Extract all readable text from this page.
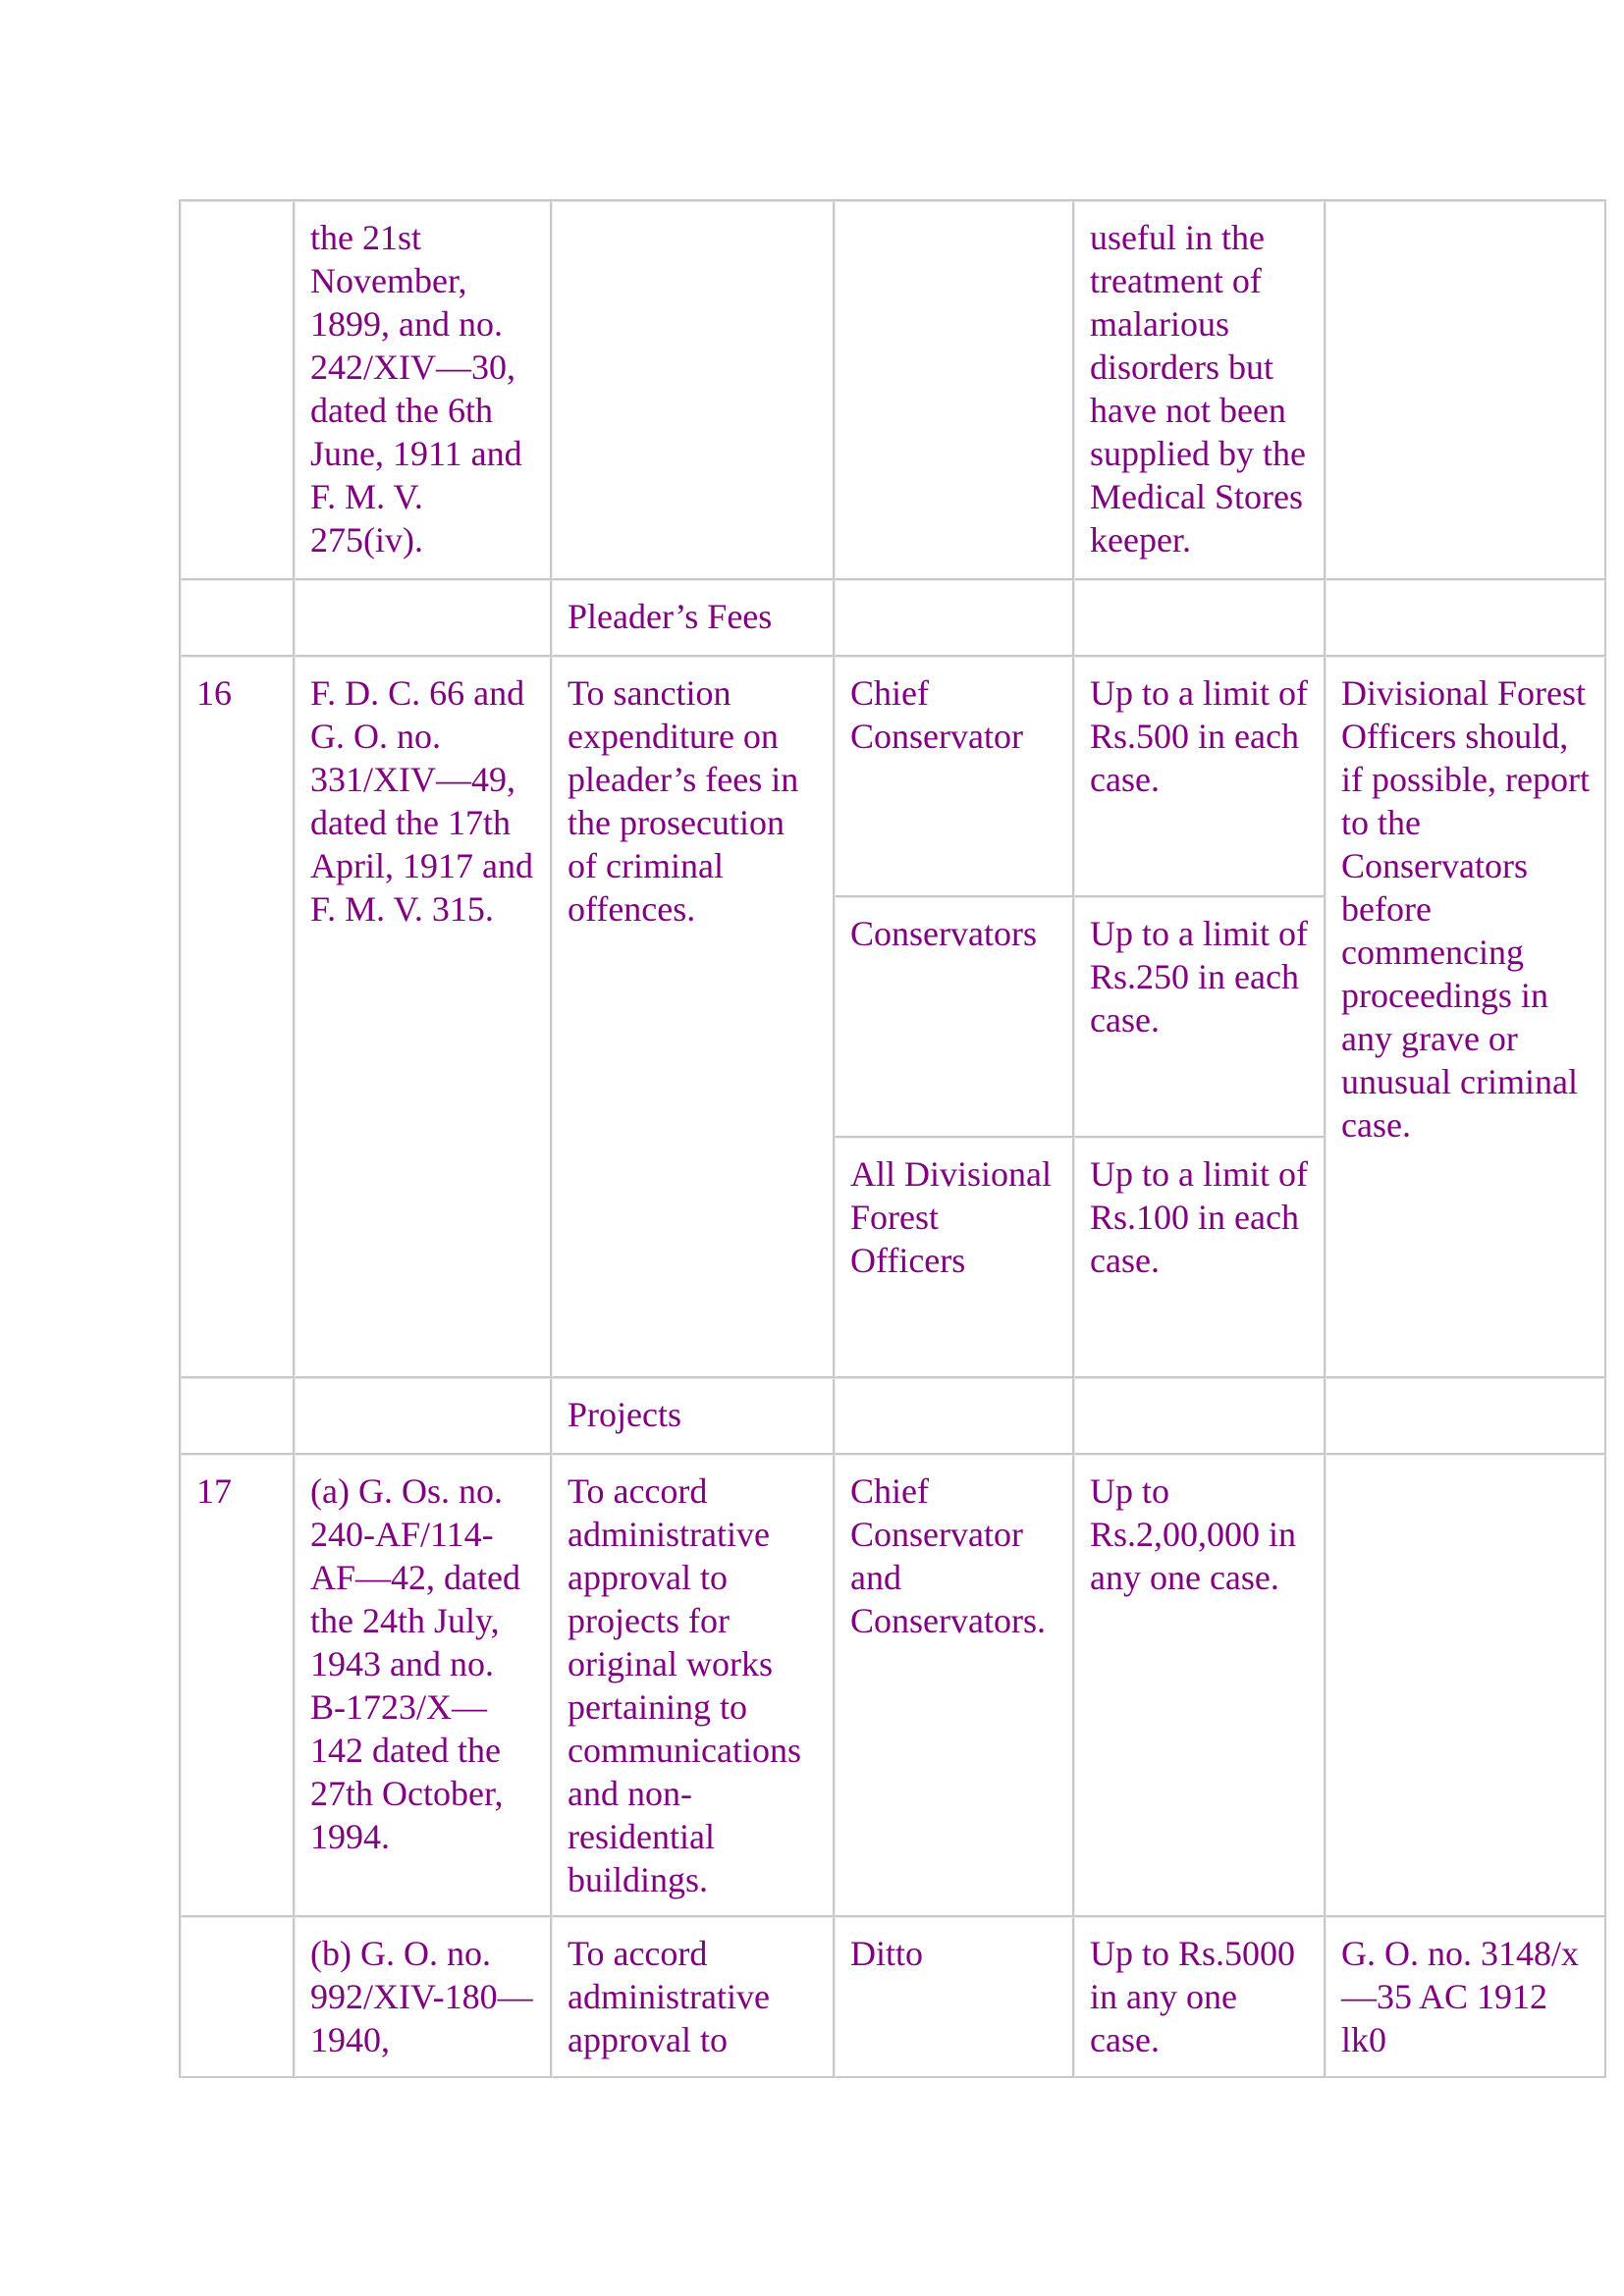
	the 21st November, 1899, and no. 242/XIV—30, dated the 6th June, 1911 and F. M. V. 275(iv).			useful in the treatment of malarious disorders but have not been supplied by the Medical Stores keeper.	
		Pleader’s Fees			
16	F. D. C. 66 and G. O. no. 331/XIV—49, dated the 17th April, 1917 and F. M. V. 315.	To sanction expenditure on pleader’s fees in the prosecution of criminal offences.	Chief Conservator	Up to a limit of Rs.500 in each case.	Divisional Forest Officers should, if possible, report to the Conservators before commencing proceedings in any grave or unusual criminal case.
			Conservators	Up to a limit of Rs.250 in each case.	
			All Divisional Forest Officers	Up to a limit of Rs.100 in each case.	
		Projects			
17	(a) G. Os. no. 240-AF/114-AF—42, dated the 24th July, 1943 and no. B-1723/X—142 dated the 27th October, 1994.	To accord administrative approval to projects for original works pertaining to communications and non-residential buildings.	Chief Conservator and Conservators.	Up to Rs.2,00,000 in any one case.	
	(b) G. O. no. 992/XIV-180—1940,	To accord administrative approval to	Ditto	Up to Rs.5000 in any one case.	G. O. no. 3148/x—35 AC 1912 lk0
